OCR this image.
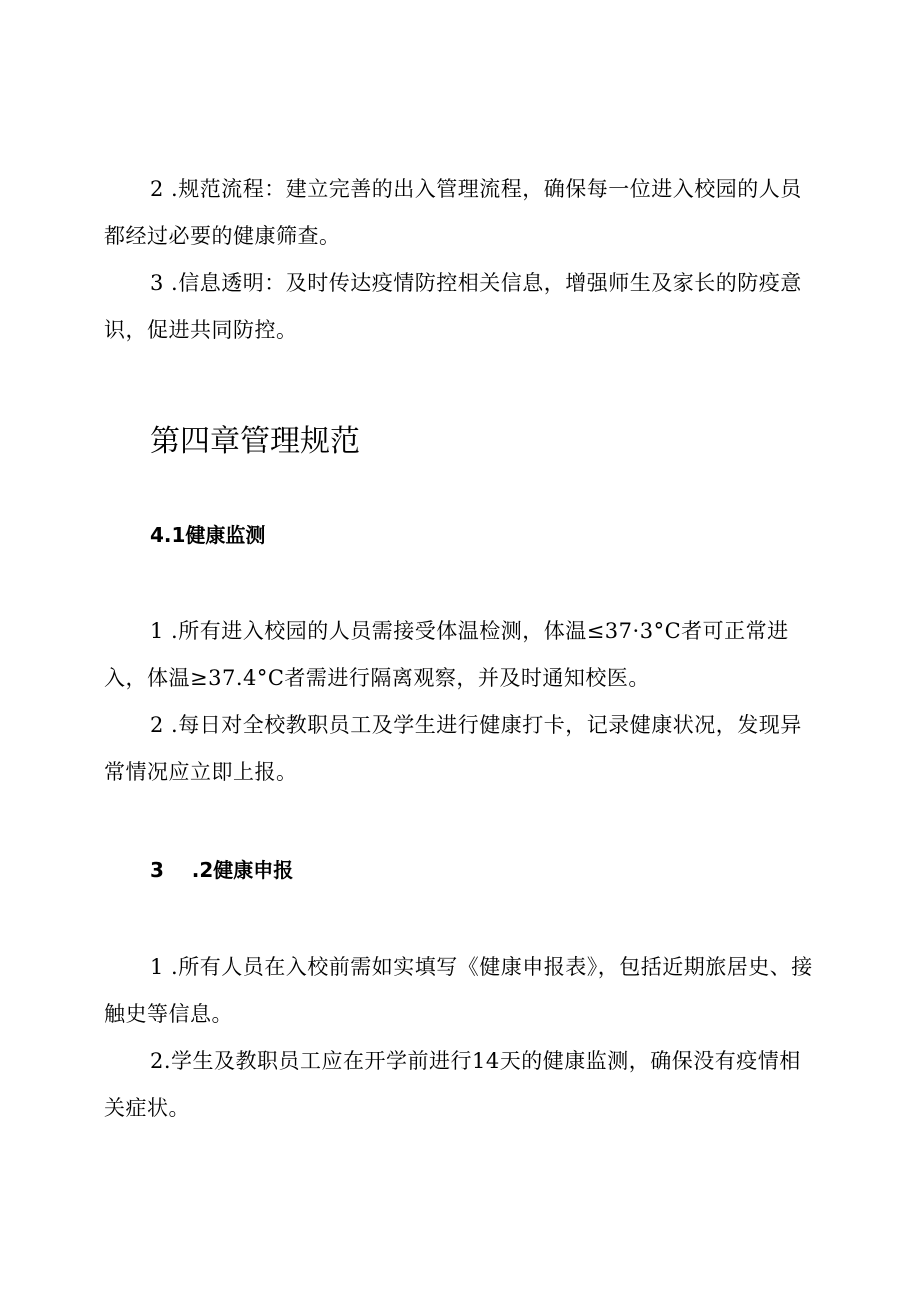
2 .规范流程：建立完善的出入管理流程，确保每一位进入校园的人员都经过必要的健康筛查。

3 .信息透明：及时传达疫情防控相关信息，增强师生及家长的防疫意识，促进共同防控。

第四章管理规范
4.1健康监测

1 .所有进入校园的人员需接受体温检测，体温≤37·3°C者可正常进入，体温≥37.4°C者需进行隔离观察，并及时通知校医。

2 .每日对全校教职员工及学生进行健康打卡，记录健康状况，发现异常情况应立即上报。

3    .2健康申报

1 .所有人员在入校前需如实填写《健康申报表》，包括近期旅居史、接触史等信息。

2.学生及教职员工应在开学前进行14天的健康监测，确保没有疫情相关症状。
